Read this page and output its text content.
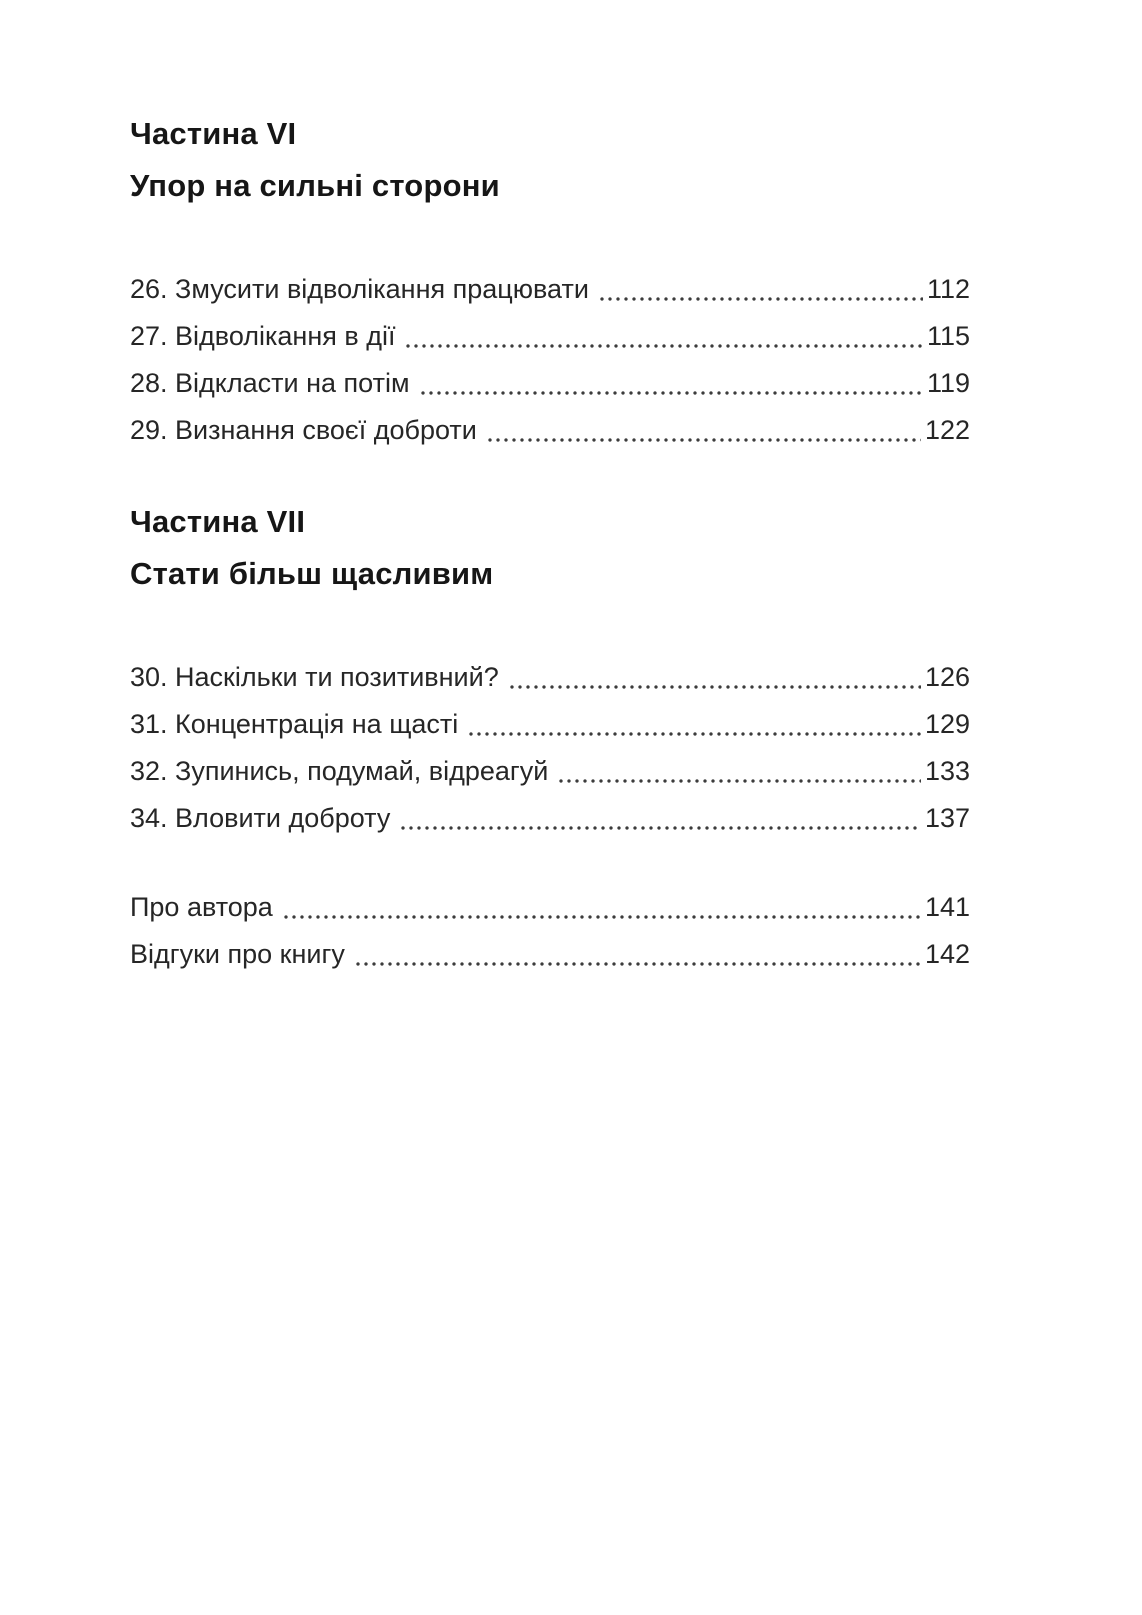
Частина VI
Упор на сильні сторони
26. Змусити відволікання працювати	112
27. Відволікання в дії	115
28. Відкласти на потім	119
29. Визнання своєї доброти	122
Частина VII
Стати більш щасливим
30. Наскільки ти позитивний?	126
31. Концентрація на щасті	129
32. Зупинись, подумай, відреагуй	133
34. Вловити доброту	137
Про автора	141
Відгуки про книгу	142
